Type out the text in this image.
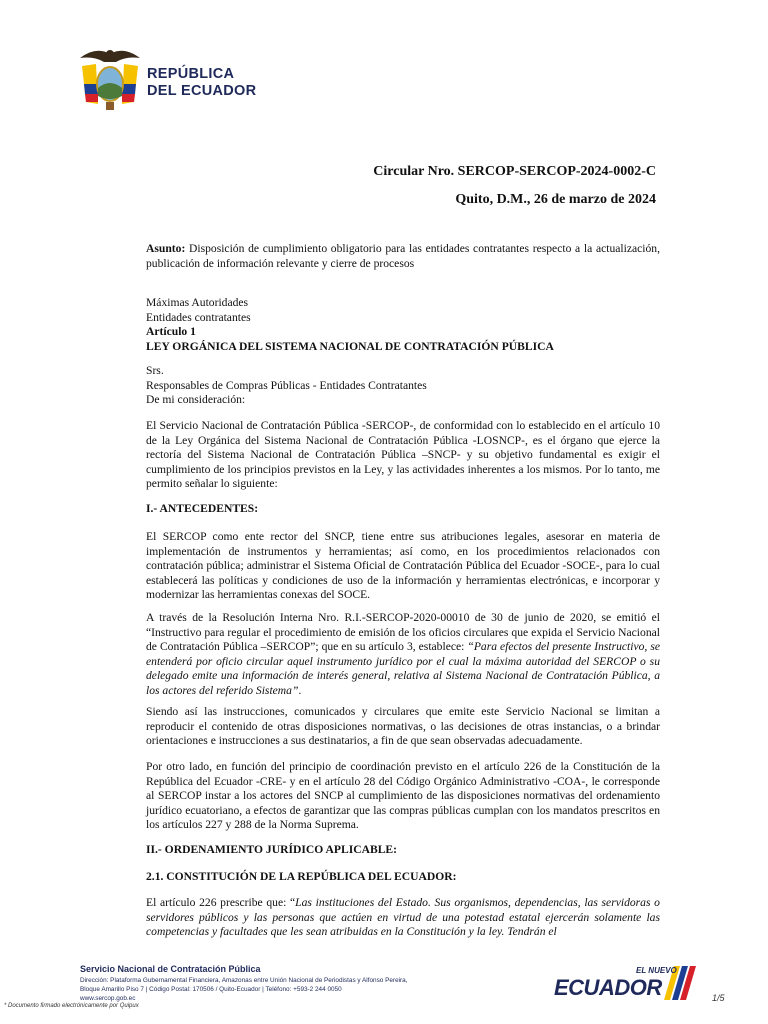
REPÚBLICA
DEL ECUADOR
Circular Nro. SERCOP-SERCOP-2024-0002-C
Quito, D.M., 26 de marzo de 2024
Asunto: Disposición de cumplimiento obligatorio para las entidades contratantes respecto a la actualización, publicación de información relevante y cierre de procesos
Máximas Autoridades
Entidades contratantes
Artículo 1
LEY ORGÁNICA DEL SISTEMA NACIONAL DE CONTRATACIÓN PÚBLICA
Srs.
Responsables de Compras Públicas - Entidades Contratantes
De mi consideración:
El Servicio Nacional de Contratación Pública -SERCOP-, de conformidad con lo establecido en el artículo 10 de la Ley Orgánica del Sistema Nacional de Contratación Pública -LOSNCP-, es el órgano que ejerce la rectoría del Sistema Nacional de Contratación Pública –SNCP- y su objetivo fundamental es exigir el cumplimiento de los principios previstos en la Ley, y las actividades inherentes a los mismos. Por lo tanto, me permito señalar lo siguiente:
I.- ANTECEDENTES:
El SERCOP como ente rector del SNCP, tiene entre sus atribuciones legales, asesorar en materia de implementación de instrumentos y herramientas; así como, en los procedimientos relacionados con contratación pública; administrar el Sistema Oficial de Contratación Pública del Ecuador -SOCE-, para lo cual establecerá las políticas y condiciones de uso de la información y herramientas electrónicas, e incorporar y modernizar las herramientas conexas del SOCE.
A través de la Resolución Interna Nro. R.I.-SERCOP-2020-00010 de 30 de junio de 2020, se emitió el “Instructivo para regular el procedimiento de emisión de los oficios circulares que expida el Servicio Nacional de Contratación Pública –SERCOP”; que en su artículo 3, establece: “Para efectos del presente Instructivo, se entenderá por oficio circular aquel instrumento jurídico por el cual la máxima autoridad del SERCOP o su delegado emite una información de interés general, relativa al Sistema Nacional de Contratación Pública, a los actores del referido Sistema”.
Siendo así las instrucciones, comunicados y circulares que emite este Servicio Nacional se limitan a reproducir el contenido de otras disposiciones normativas, o las decisiones de otras instancias, o a brindar orientaciones e instrucciones a sus destinatarios, a fin de que sean observadas adecuadamente.
Por otro lado, en función del principio de coordinación previsto en el artículo 226 de la Constitución de la República del Ecuador -CRE- y en el artículo 28 del Código Orgánico Administrativo -COA-, le corresponde al SERCOP instar a los actores del SNCP al cumplimiento de las disposiciones normativas del ordenamiento jurídico ecuatoriano, a efectos de garantizar que las compras públicas cumplan con los mandatos prescritos en los artículos 227 y 288 de la Norma Suprema.
II.- ORDENAMIENTO JURÍDICO APLICABLE:
2.1. CONSTITUCIÓN DE LA REPÚBLICA DEL ECUADOR:
El artículo 226 prescribe que: “Las instituciones del Estado. Sus organismos, dependencias, las servidoras o servidores públicos y las personas que actúen en virtud de una potestad estatal ejercerán solamente las competencias y facultades que les sean atribuidas en la Constitución y la ley. Tendrán el
Servicio Nacional de Contratación Pública
Dirección: Plataforma Gubernamental Financiera, Amazonas entre Unión Nacional de Periodistas y Alfonso Pereira,
Bloque Amarillo Piso 7 | Código Postal: 170506 / Quito-Ecuador | Teléfono: +593-2 244 0050
www.sercop.gob.ec
* Documento firmado electrónicamente por Quipux
EL NUEVO
ECUADOR	1/5
